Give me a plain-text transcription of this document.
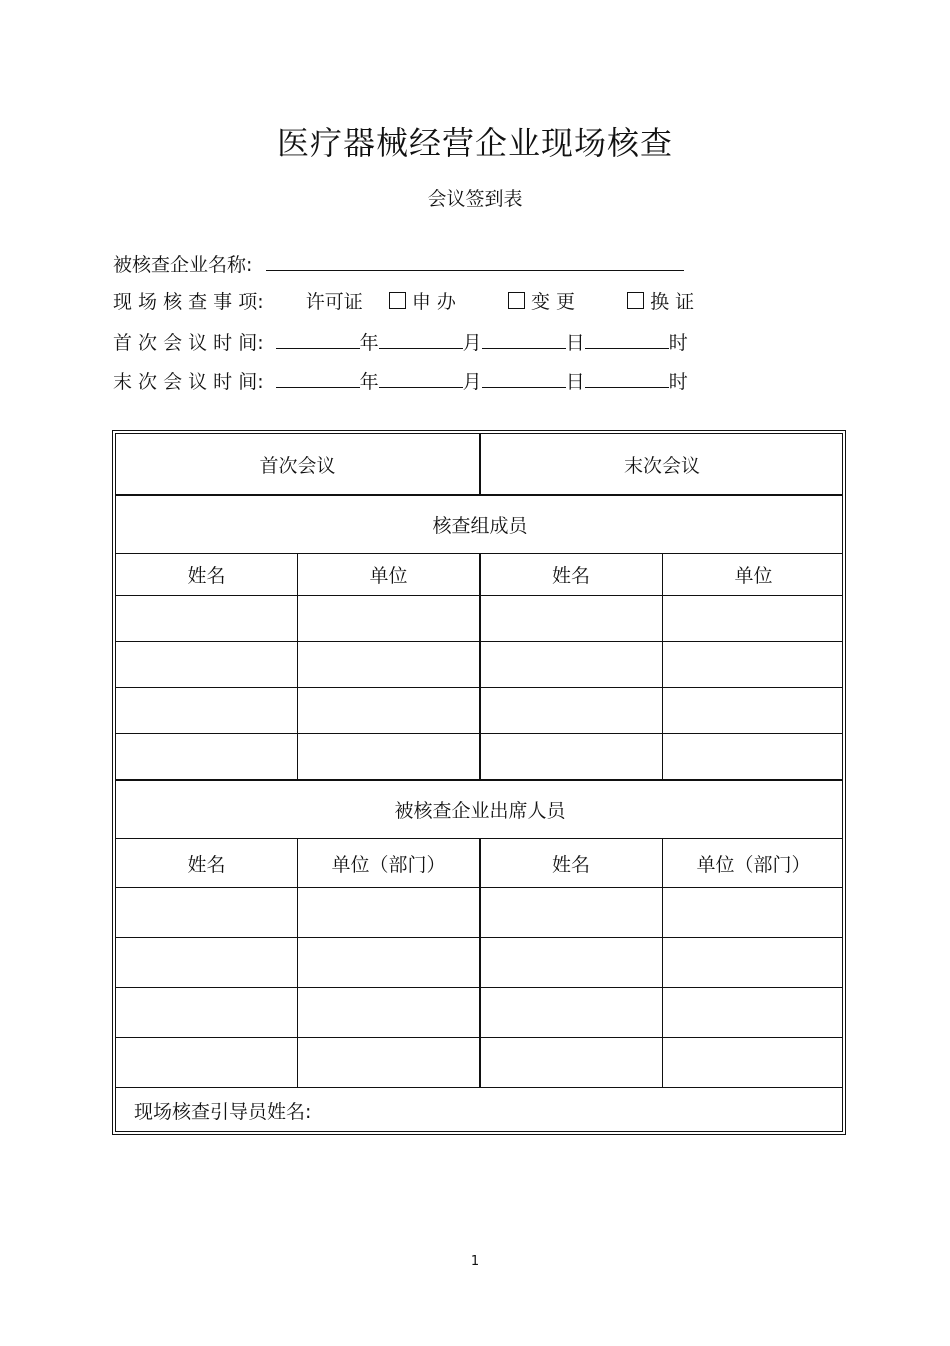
医疗器械经营企业现场核查
会议签到表
被核查企业名称:
现 场 核 查 事 项: 许可证	申 办	变 更	换 证
首 次 会 议 时 间:	年	月	日	时
末 次 会 议 时 间:	年	月	日	时
首次会议	末次会议
核查组成员
姓名	单位	姓名	单位
被核查企业出席人员
姓名	单位（部门）	姓名	单位（部门）
现场核查引导员姓名:
1
